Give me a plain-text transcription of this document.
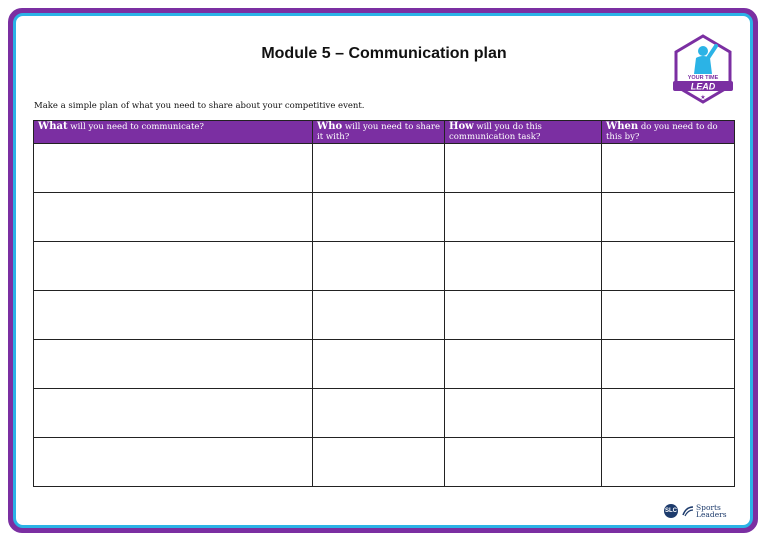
Module 5 – Communication plan
YOUR TIME
LEAD
★
Make a simple plan of what you need to share about your competitive event.
What will you need to communicate?	Who will you need to share it with?	How will you do this communication task?	When do you need to do this by?

SLC	Sports
Leaders
